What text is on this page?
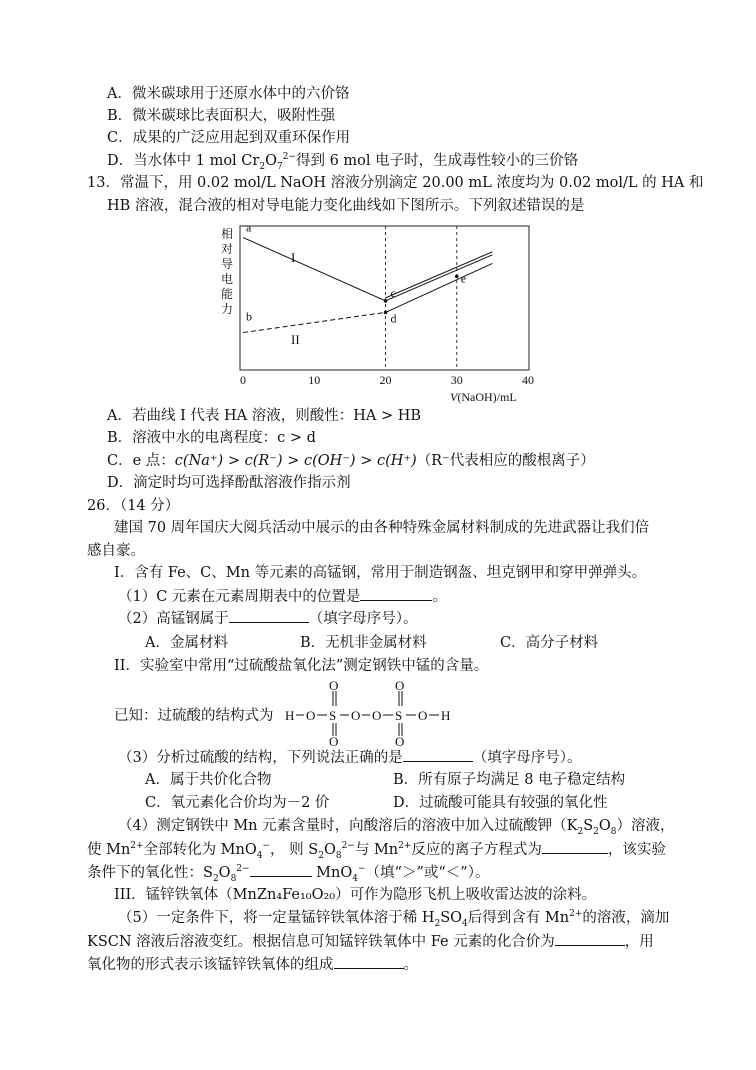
A．微米碳球用于还原水体中的六价铬
B．微米碳球比表面积大，吸附性强
C．成果的广泛应用起到双重环保作用
D．当水体中 1 mol $Cr_2O_7^{2-}$得到 6 mol 电子时，生成毒性较小的三价铬
13．常温下，用 0.02 mol/L NaOH 溶液分别滴定 20.00 mL 浓度均为 0.02 mol/L 的 HA 和
HB 溶液，混合液的相对导电能力变化曲线如下图所示。下列叙述错误的是
相
对
导
电
能
力
a
b
c
d
e
0	10	20	30	40
I
II
V(NaOH)/mL
A．若曲线 I 代表 HA 溶液，则酸性：HA > HB
B．溶液中水的电离程度：c > d
C．e 点：c(Na⁺) > c(R⁻) > c(OH⁻) > c(H⁺)（R⁻代表相应的酸根离子）
D．滴定时均可选择酚酞溶液作指示剂
26．（14 分）
建国 70 周年国庆大阅兵活动中展示的由各种特殊金属材料制成的先进武器让我们倍
感自豪。
I．含有 Fe、C、Mn 等元素的高锰钢，常用于制造钢盔、坦克钢甲和穿甲弹弹头。
（1）C 元素在元素周期表中的位置是	。
（2）高锰钢属于	（填字母序号）。
A．金属材料	B．无机非金属材料	C．高分子材料
II．实验室中常用“过硫酸盐氧化法”测定钢铁中锰的含量。
已知：过硫酸的结构式为 H O S
O
O
O O S
O
O
O H
（3）分析过硫酸的结构，下列说法正确的是	（填字母序号）。
A．属于共价化合物	B．所有原子均满足 8 电子稳定结构
C．氧元素化合价均为－2 价	D．过硫酸可能具有较强的氧化性
（4）测定钢铁中 Mn 元素含量时，向酸溶后的溶液中加入过硫酸钾$(K_2S_2O_8)$溶液，
使 $Mn^{2+}$全部转化为 MnO$_4$−， 则 $S_2O_8^{2-}$与 $Mn^{2+}$反应的离子方程式为	，该实验
条件下的氧化性：$S_2O_8^{2-}$	MnO$_4$−（填“＞”或“＜”）。
III．锰锌铁氧体（MnZn₄Fe₁₀O₂₀）可作为隐形飞机上吸收雷达波的涂料。
（5）一定条件下，将一定量锰锌铁氧体溶于稀 $H_2SO_4$后得到含有 $Mn^{2+}$的溶液，滴加
KSCN 溶液后溶液变红。根据信息可知锰锌铁氧体中 Fe 元素的化合价为	，用
氧化物的形式表示该锰锌铁氧体的组成	。
